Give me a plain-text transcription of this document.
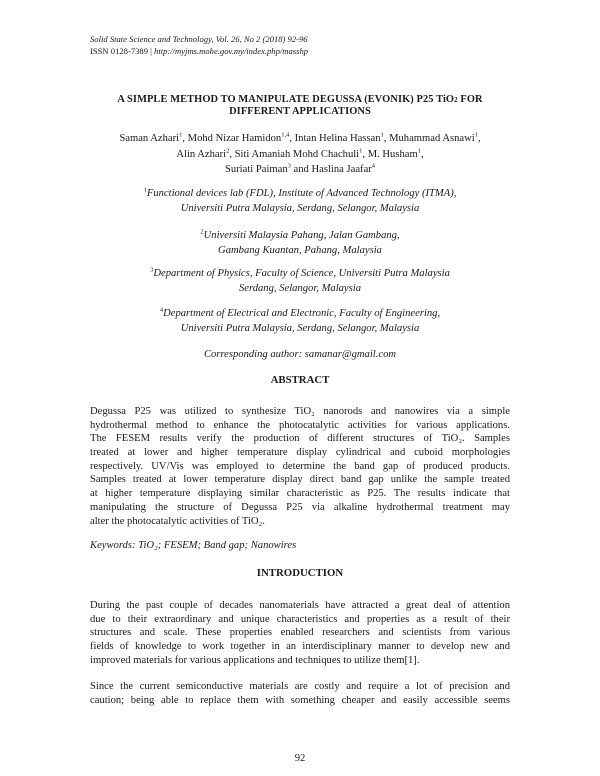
Solid State Science and Technology, Vol. 26, No 2 (2018) 92-96
ISSN 0128-7389 | http://myjms.mohe.gov.my/index.php/masshp
A SIMPLE METHOD TO MANIPULATE DEGUSSA (EVONIK) P25 TiO2 FOR
DIFFERENT APPLICATIONS
Saman Azhari$^1$, Mohd Nizar Hamidon$^{1,4}$, Intan Helina Hassan$^1$, Muhammad Asnawi$^1$,
Alin Azhari$^2$, Siti Amaniah Mohd Chachuli$^1$, M. Husham$^1$,
Suriati Paiman$^3$ and Haslina Jaafar$^4$
$^1$Functional devices lab (FDL), Institute of Advanced Technology (ITMA),
Universiti Putra Malaysia, Serdang, Selangor, Malaysia
$^2$Universiti Malaysia Pahang, Jalan Gambang,
Gambang Kuantan, Pahang, Malaysia
$^3$Department of Physics, Faculty of Science, Universiti Putra Malaysia
Serdang, Selangor, Malaysia
$^4$Department of Electrical and Electronic, Faculty of Engineering,
Universiti Putra Malaysia, Serdang, Selangor, Malaysia
Corresponding author: samanar@gmail.com
ABSTRACT
Degussa P25 was utilized to synthesize TiO₂ nanorods and nanowires via a simple
hydrothermal method to enhance the photocatalytic activities for various applications.
The FESEM results verify the production of different structures of TiO₂. Samples
treated at lower and higher temperature display cylindrical and cuboid morphologies
respectively. UV/Vis was employed to determine the band gap of produced products.
Samples treated at lower temperature display direct band gap unlike the sample treated
at higher temperature displaying similar characteristic as P25. The results indicate that
manipulating the structure of Degussa P25 via alkaline hydrothermal treatment may
alter the photocatalytic activities of TiO₂.
Keywords: TiO₂; FESEM; Band gap; Nanowires
INTRODUCTION
During the past couple of decades nanomaterials have attracted a great deal of attention
due to their extraordinary and unique characteristics and properties as a result of their
structures and scale. These properties enabled researchers and scientists from various
fields of knowledge to work together in an interdisciplinary manner to develop new and
improved materials for various applications and techniques to utilize them[1].
Since the current semiconductive materials are costly and require a lot of precision and
caution; being able to replace them with something cheaper and easily accessible seems
92
